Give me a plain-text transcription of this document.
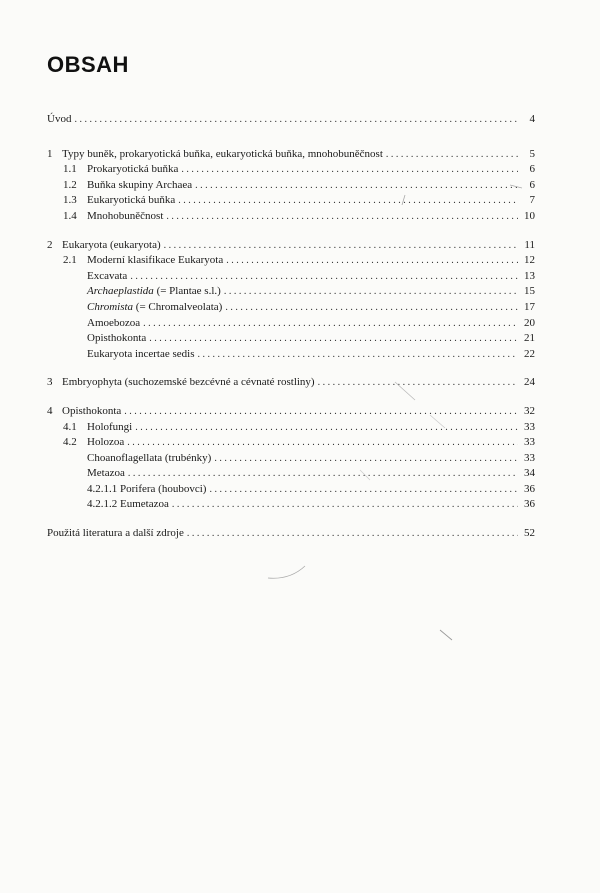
OBSAH
Úvod . . .	4
1 Typy buněk, prokaryotická buňka, eukaryotická buňka, mnohobuněčnost . . .	5
1.1 Prokaryotická buňka . . .	6
1.2 Buňka skupiny Archaea . . .	6
1.3 Eukaryotická buňka . . .	7
1.4 Mnohobuněčnost . . .	10
2 Eukaryota (eukaryota) . . .	11
2.1 Moderní klasifikace Eukaryota . . .	12
Excavata . . .	13
Archaeplastida (= Plantae s.l.) . . .	15
Chromista (= Chromalveolata) . . .	17
Amoebozoa . . .	20
Opisthokonta . . .	21
Eukaryota incertae sedis . . .	22
3 Embryophyta (suchozemské bezcévné a cévnaté rostliny) . . .	24
4 Opisthokonta . . .	32
4.1 Holofungi . . .	33
4.2 Holozoa . . .	33
Choanoflagellata (trubénky) . . .	33
Metazoa . . .	34
4.2.1.1 Porifera (houbovci) . . .	36
4.2.1.2 Eumetazoa . . .	36
Použitá literatura a další zdroje . . .	52
